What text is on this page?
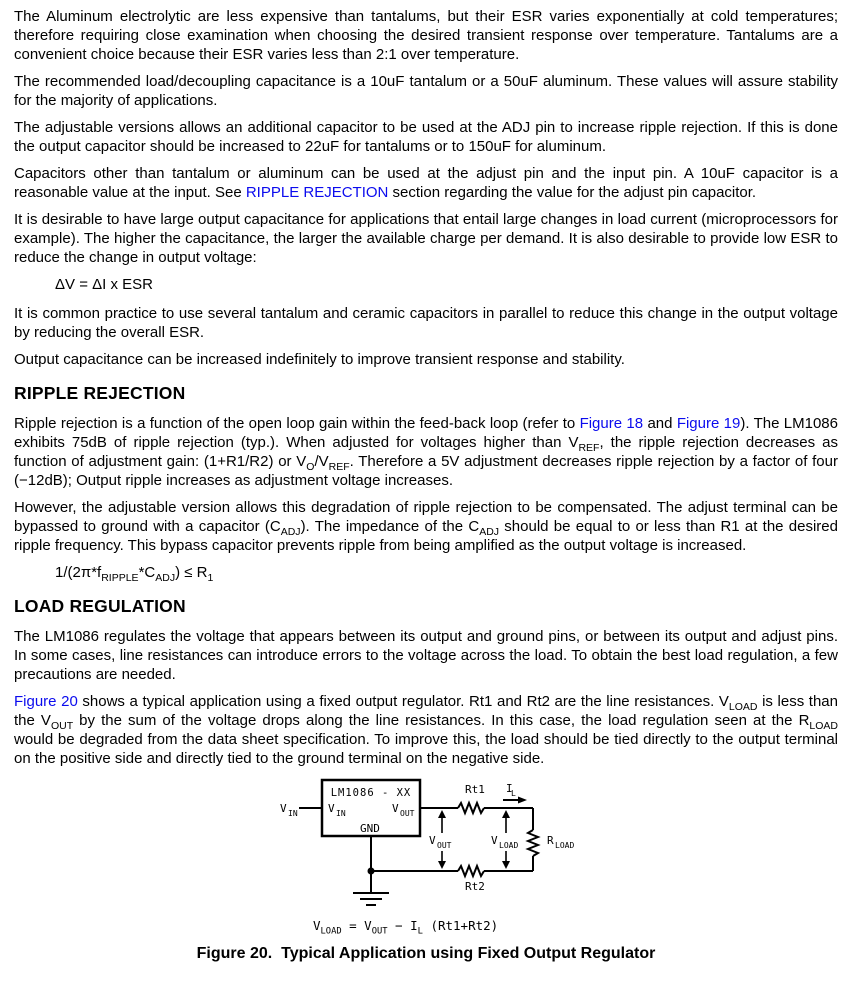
The Aluminum electrolytic are less expensive than tantalums, but their ESR varies exponentially at cold temperatures; therefore requiring close examination when choosing the desired transient response over temperature. Tantalums are a convenient choice because their ESR varies less than 2:1 over temperature.

The recommended load/decoupling capacitance is a 10uF tantalum or a 50uF aluminum. These values will assure stability for the majority of applications.

The adjustable versions allows an additional capacitor to be used at the ADJ pin to increase ripple rejection. If this is done the output capacitor should be increased to 22uF for tantalums or to 150uF for aluminum.

Capacitors other than tantalum or aluminum can be used at the adjust pin and the input pin. A 10uF capacitor is a reasonable value at the input. See RIPPLE REJECTION section regarding the value for the adjust pin capacitor.

It is desirable to have large output capacitance for applications that entail large changes in load current (microprocessors for example). The higher the capacitance, the larger the available charge per demand. It is also desirable to provide low ESR to reduce the change in output voltage:

ΔV = ΔI x ESR

It is common practice to use several tantalum and ceramic capacitors in parallel to reduce this change in the output voltage by reducing the overall ESR.

Output capacitance can be increased indefinitely to improve transient response and stability.

RIPPLE REJECTION

Ripple rejection is a function of the open loop gain within the feed-back loop (refer to Figure 18 and Figure 19). The LM1086 exhibits 75dB of ripple rejection (typ.). When adjusted for voltages higher than $V_{REF}$, the ripple rejection decreases as function of adjustment gain: (1+R1/R2) or $V_O/V_{REF}$. Therefore a 5V adjustment decreases ripple rejection by a factor of four (−12dB); Output ripple increases as adjustment voltage increases.

However, the adjustable version allows this degradation of ripple rejection to be compensated. The adjust terminal can be bypassed to ground with a capacitor $(C_{ADJ})$. The impedance of the $C_{ADJ}$ should be equal to or less than R1 at the desired ripple frequency. This bypass capacitor prevents ripple from being amplified as the output voltage is increased.

$1/(2\pi*f_{RIPPLE}*C_{ADJ}) \le R_1$
LOAD REGULATION

The LM1086 regulates the voltage that appears between its output and ground pins, or between its output and adjust pins. In some cases, line resistances can introduce errors to the voltage across the load. To obtain the best load regulation, a few precautions are needed.

Figure 20 shows a typical application using a fixed output regulator. Rt1 and Rt2 are the line resistances. $V_{LOAD}$ is less than the $V_{OUT}$ by the sum of the voltage drops along the line resistances. In this case, the load regulation seen at the $R_{LOAD}$ would be degraded from the data sheet specification. To improve this, the load should be tied directly to the output terminal on the positive side and directly tied to the ground terminal on the negative side.

LM1086 - XX
V IN	V OUT
GND
V IN
Rt1 I
L
V OUT	V LOAD	R LOAD
Rt2
$V_{LOAD} = V_{OUT} - I_L$ (Rt1+Rt2)
Figure 20.  Typical Application using Fixed Output Regulator
